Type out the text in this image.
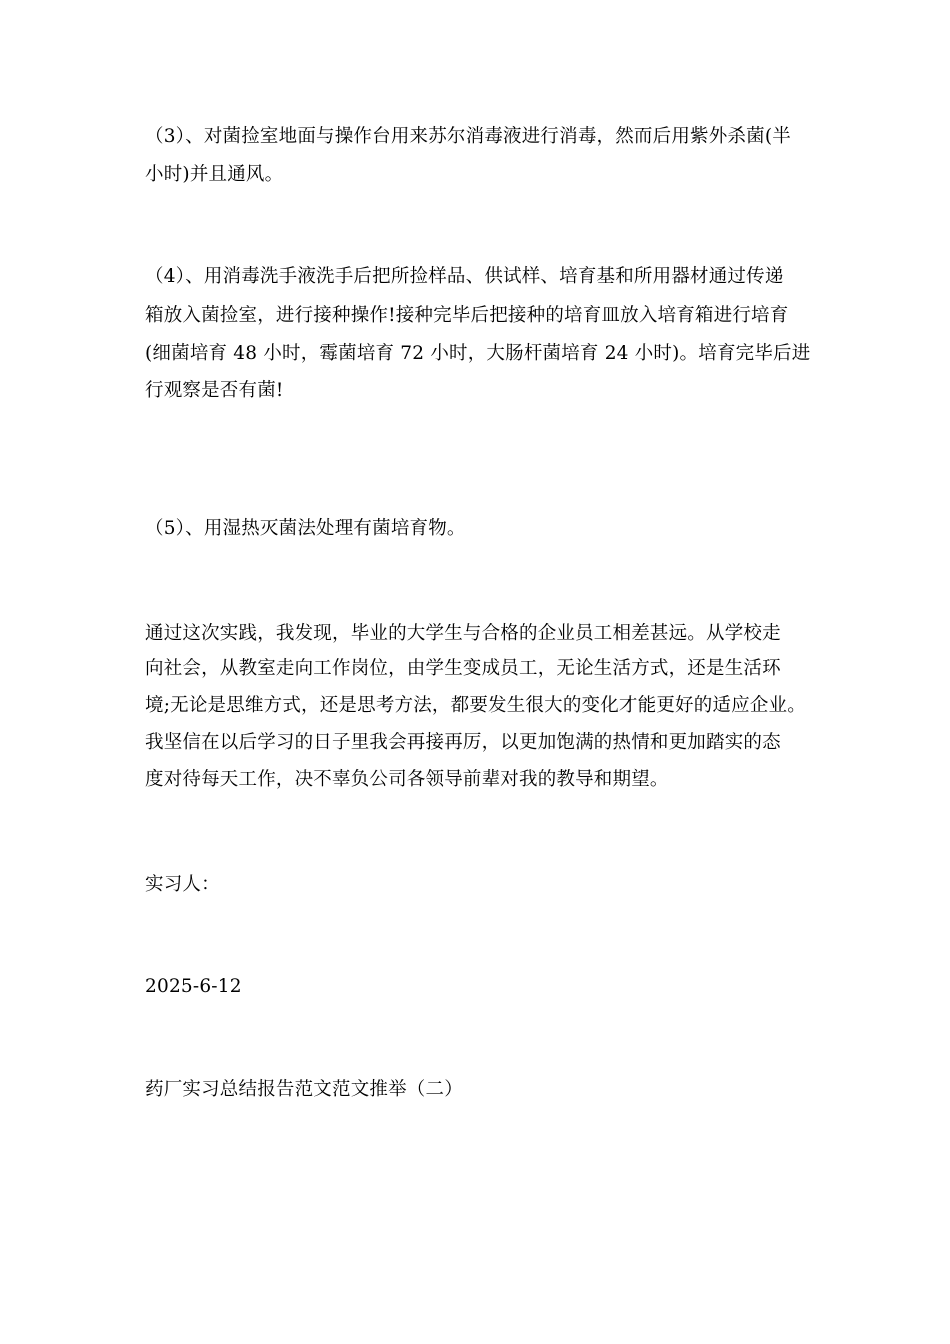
（3）、对菌捡室地面与操作台用来苏尔消毒液进行消毒，然而后用紫外杀菌(半
小时)并且通风。
（4）、用消毒洗手液洗手后把所捡样品、供试样、培育基和所用器材通过传递
箱放入菌捡室，进行接种操作!接种完毕后把接种的培育皿放入培育箱进行培育
(细菌培育 48 小时，霉菌培育 72 小时，大肠杆菌培育 24 小时)。培育完毕后进
行观察是否有菌!
（5）、用湿热灭菌法处理有菌培育物。
通过这次实践，我发现，毕业的大学生与合格的企业员工相差甚远。从学校走
向社会，从教室走向工作岗位，由学生变成员工，无论生活方式，还是生活环
境;无论是思维方式，还是思考方法，都要发生很大的变化才能更好的适应企业。
我坚信在以后学习的日子里我会再接再厉，以更加饱满的热情和更加踏实的态
度对待每天工作，决不辜负公司各领导前辈对我的教导和期望。
实习人：
2025-6-12
药厂实习总结报告范文范文推举（二）
